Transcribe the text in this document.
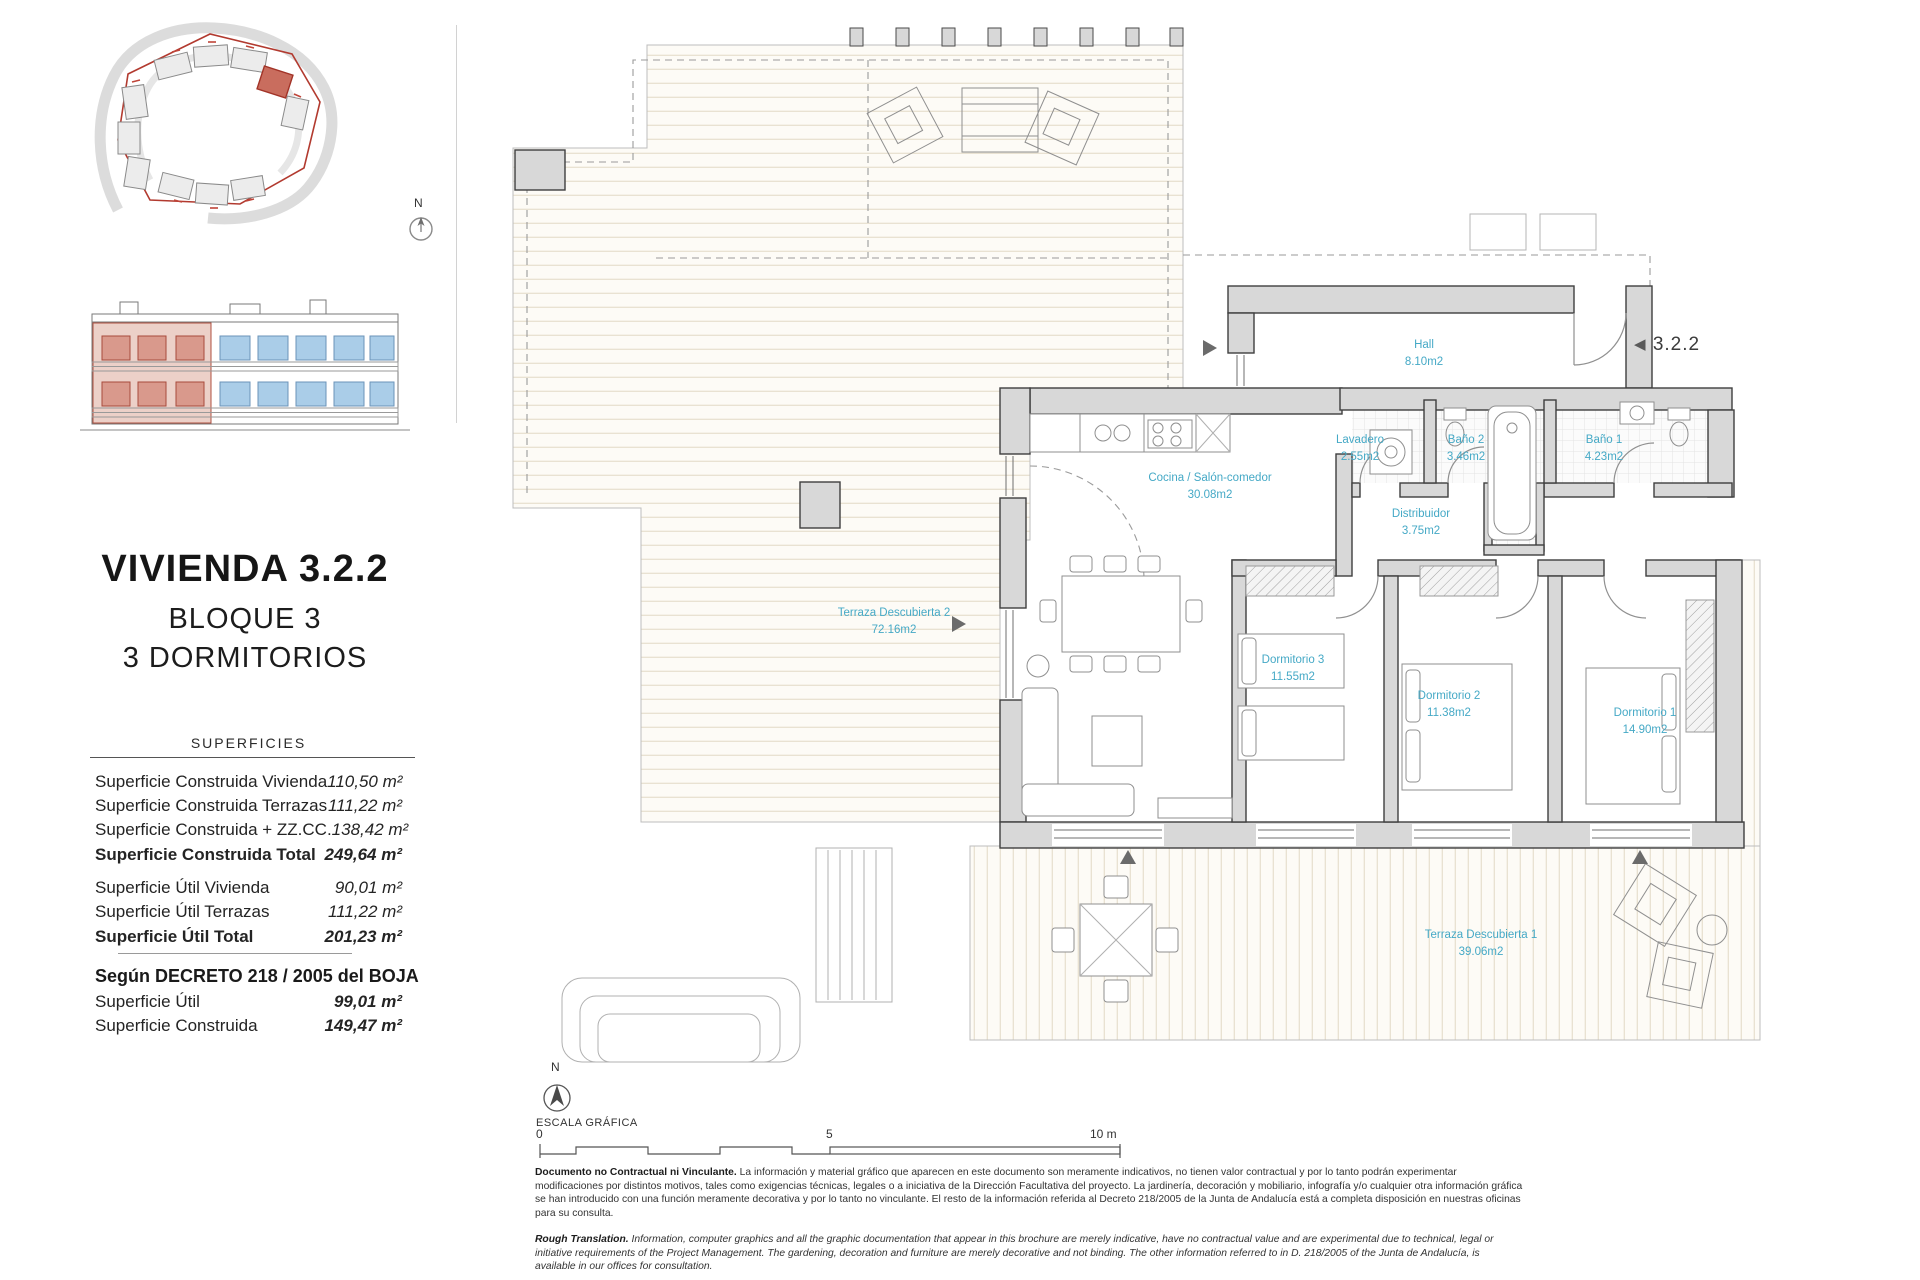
N
VIVIENDA 3.2.2
BLOQUE 3
3 DORMITORIOS
SUPERFICIES
Superficie Construida Vivienda 110,50 m²
Superficie Construida Terrazas 111,22 m²
Superficie Construida + ZZ.CC. 138,42 m²
Superficie Construida Total 249,64 m²
Superficie Útil Vivienda	90,01 m²
Superficie Útil Terrazas	111,22 m²
Superficie Útil Total	201,23 m²
Según DECRETO 218 / 2005 del BOJA
Superficie Útil	99,01 m²
Superficie Construida	149,47 m²
Hall
8.10m2
Cocina / Salón-comedor
30.08m2
Lavadero
2.55m2
Baño 2
3.46m2
Baño 1
4.23m2
Distribuidor
3.75m2
Dormitorio 3
11.55m2
Dormitorio 2
11.38m2	Dormitorio 1
14.90m2
Terraza Descubierta 2
72.16m2
Terraza Descubierta 1
39.06m2
◀ 3.2.2
N
ESCALA GRÁFICA
0	5	10 m

Documento no Contractual ni Vinculante. La información y material gráfico que aparecen en este documento son meramente indicativos, no tienen valor contractual y por lo tanto podrán experimentar modificaciones por distintos motivos, tales como exigencias técnicas, legales o a iniciativa de la Dirección Facultativa del proyecto. La jardinería, decoración y mobiliario, infografía y/o cualquier otra información gráfica se han introducido con una función meramente decorativa y por lo tanto no vinculante. El resto de la información referida al Decreto 218/2005 de la Junta de Andalucía está a completa disposición en nuestras oficinas para su consulta.

Rough Translation. Information, computer graphics and all the graphic documentation that appear in this brochure are merely indicative, have no contractual value and are experimental due to technical, legal or initiative requirements of the Project Management. The gardening, decoration and furniture are merely decorative and not binding. The other information referred to in D. 218/2005 of the Junta de Andalucía, is available in our offices for consultation.
